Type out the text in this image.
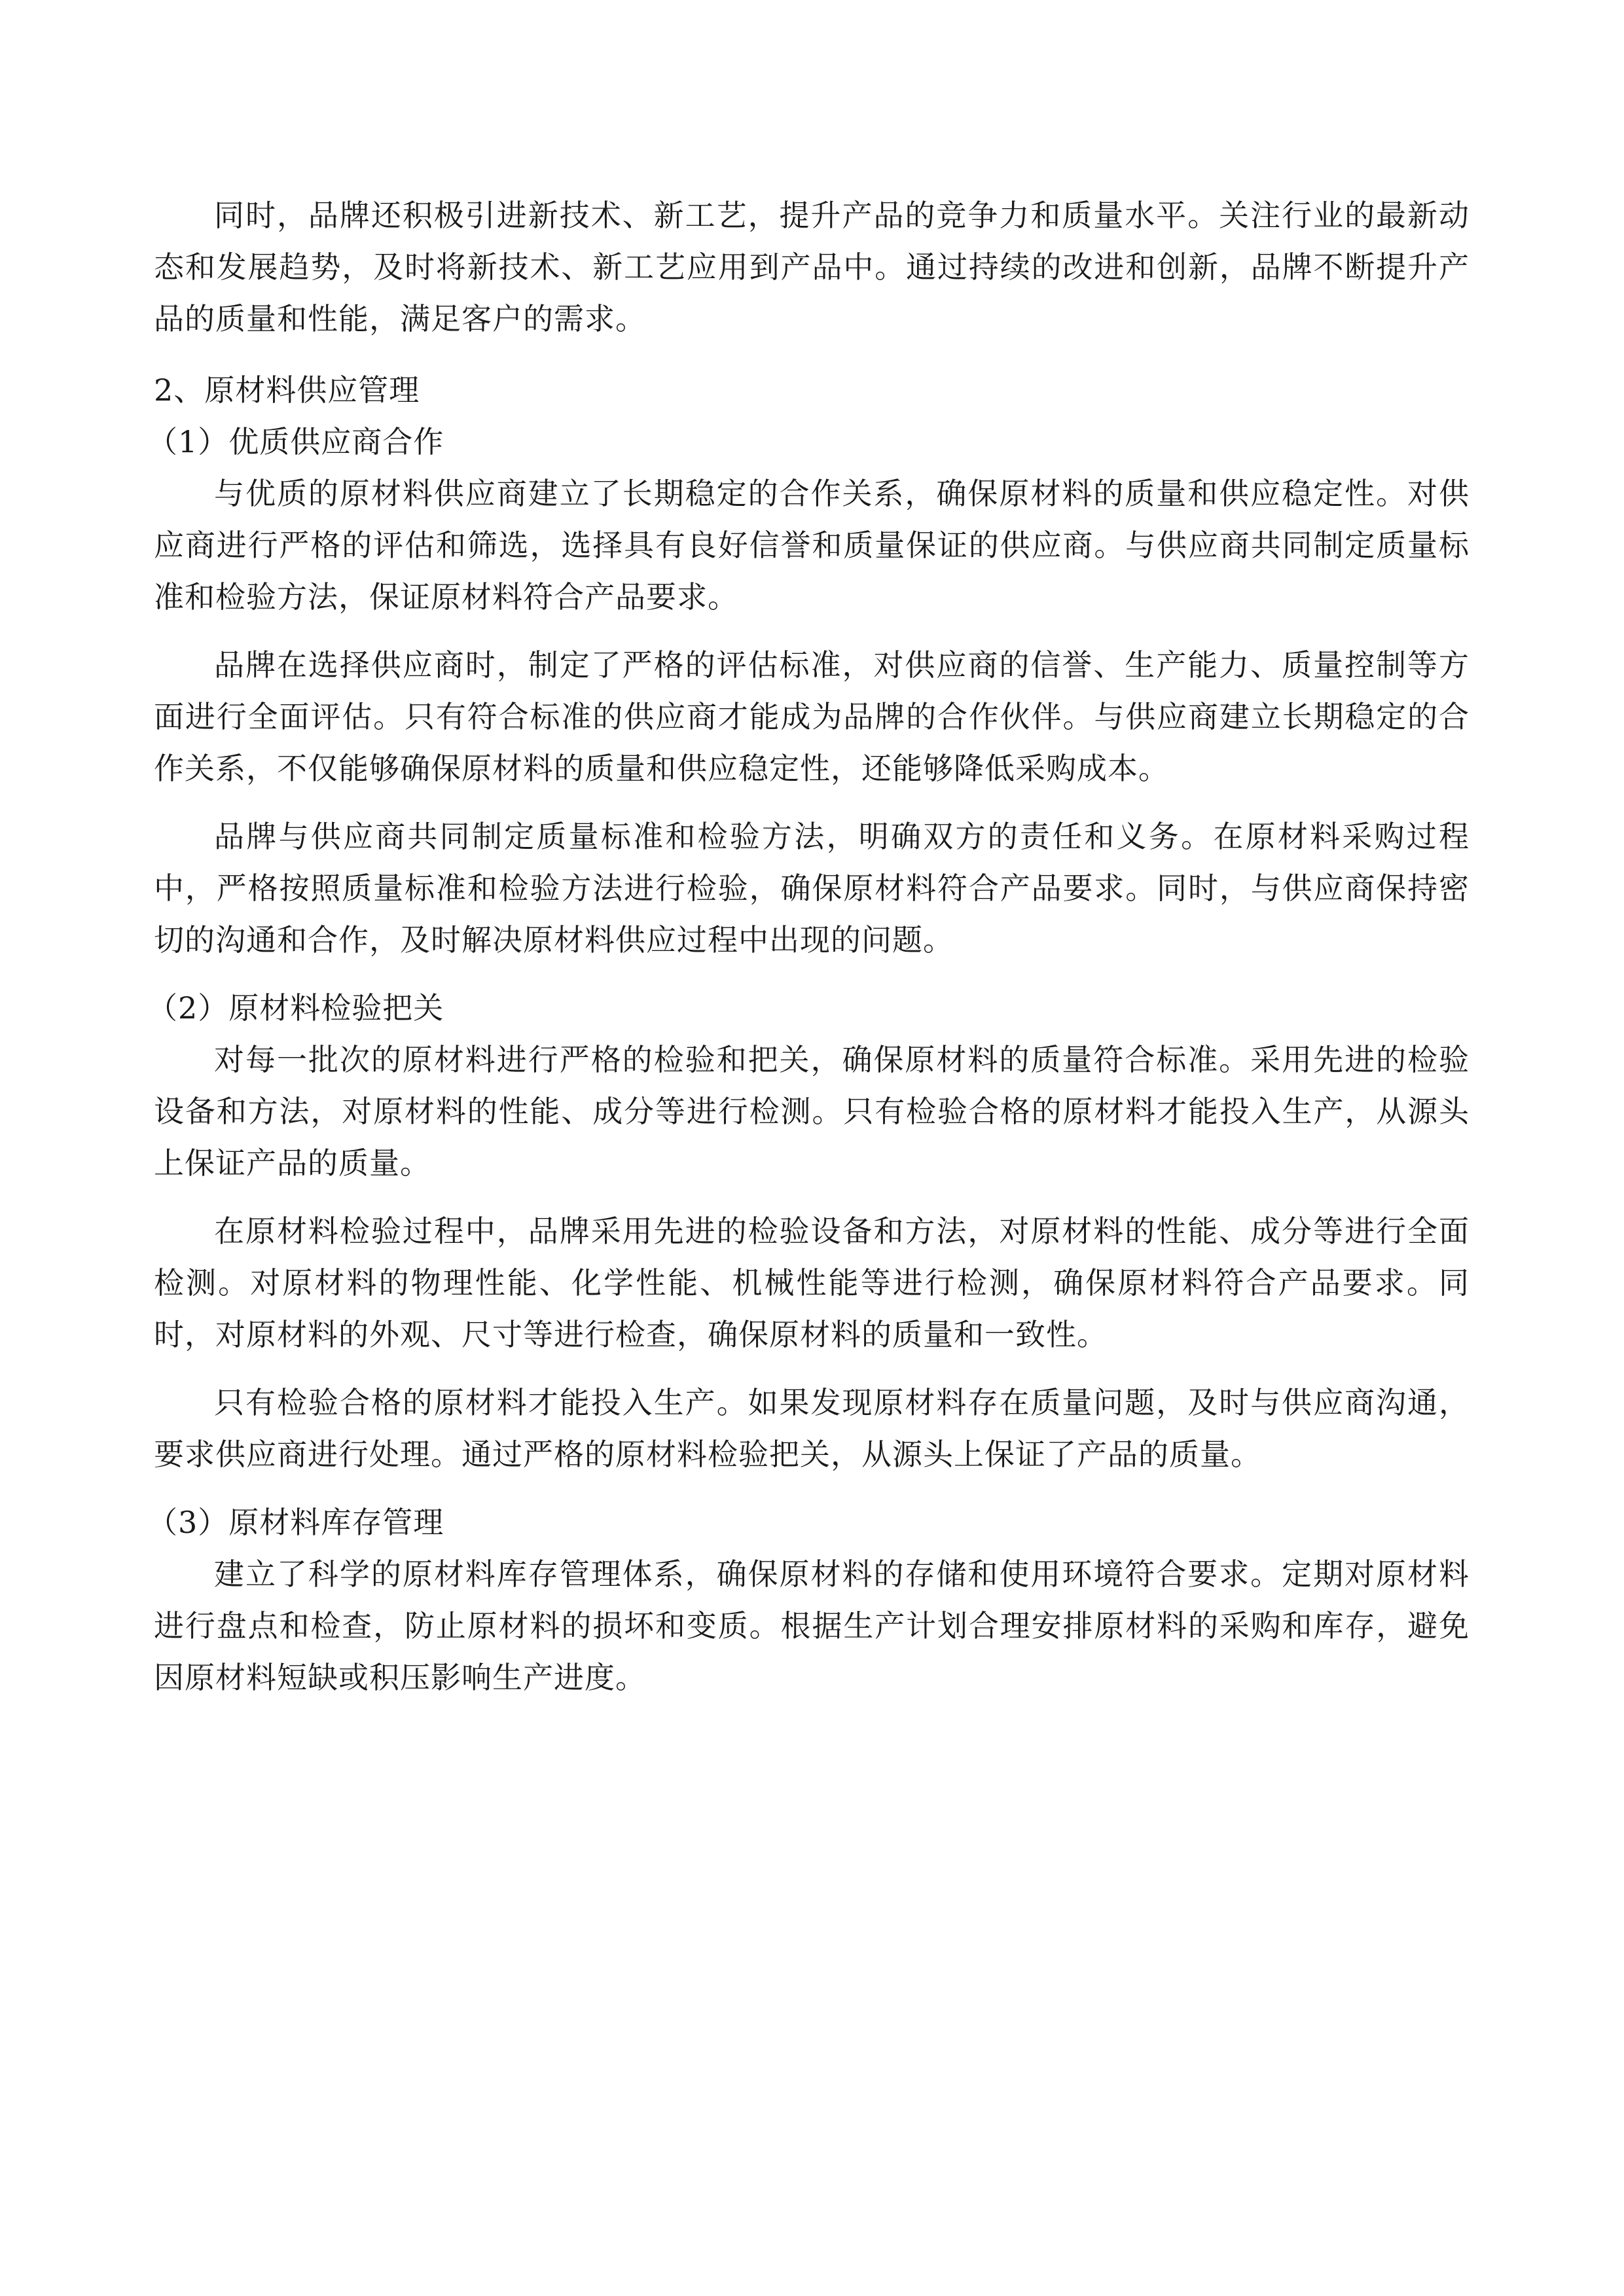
同时，品牌还积极引进新技术、新工艺，提升产品的竞争力和质量水平。关注行业的最新动态和发展趋势，及时将新技术、新工艺应用到产品中。通过持续的改进和创新，品牌不断提升产品的质量和性能，满足客户的需求。

2、原材料供应管理

（1）优质供应商合作

与优质的原材料供应商建立了长期稳定的合作关系，确保原材料的质量和供应稳定性。对供应商进行严格的评估和筛选，选择具有良好信誉和质量保证的供应商。与供应商共同制定质量标准和检验方法，保证原材料符合产品要求。

品牌在选择供应商时，制定了严格的评估标准，对供应商的信誉、生产能力、质量控制等方面进行全面评估。只有符合标准的供应商才能成为品牌的合作伙伴。与供应商建立长期稳定的合作关系，不仅能够确保原材料的质量和供应稳定性，还能够降低采购成本。

品牌与供应商共同制定质量标准和检验方法，明确双方的责任和义务。在原材料采购过程中，严格按照质量标准和检验方法进行检验，确保原材料符合产品要求。同时，与供应商保持密切的沟通和合作，及时解决原材料供应过程中出现的问题。

（2）原材料检验把关

对每一批次的原材料进行严格的检验和把关，确保原材料的质量符合标准。采用先进的检验设备和方法，对原材料的性能、成分等进行检测。只有检验合格的原材料才能投入生产，从源头上保证产品的质量。

在原材料检验过程中，品牌采用先进的检验设备和方法，对原材料的性能、成分等进行全面检测。对原材料的物理性能、化学性能、机械性能等进行检测，确保原材料符合产品要求。同时，对原材料的外观、尺寸等进行检查，确保原材料的质量和一致性。

只有检验合格的原材料才能投入生产。如果发现原材料存在质量问题，及时与供应商沟通，要求供应商进行处理。通过严格的原材料检验把关，从源头上保证了产品的质量。

（3）原材料库存管理

建立了科学的原材料库存管理体系，确保原材料的存储和使用环境符合要求。定期对原材料进行盘点和检查，防止原材料的损坏和变质。根据生产计划合理安排原材料的采购和库存，避免因原材料短缺或积压影响生产进度。
